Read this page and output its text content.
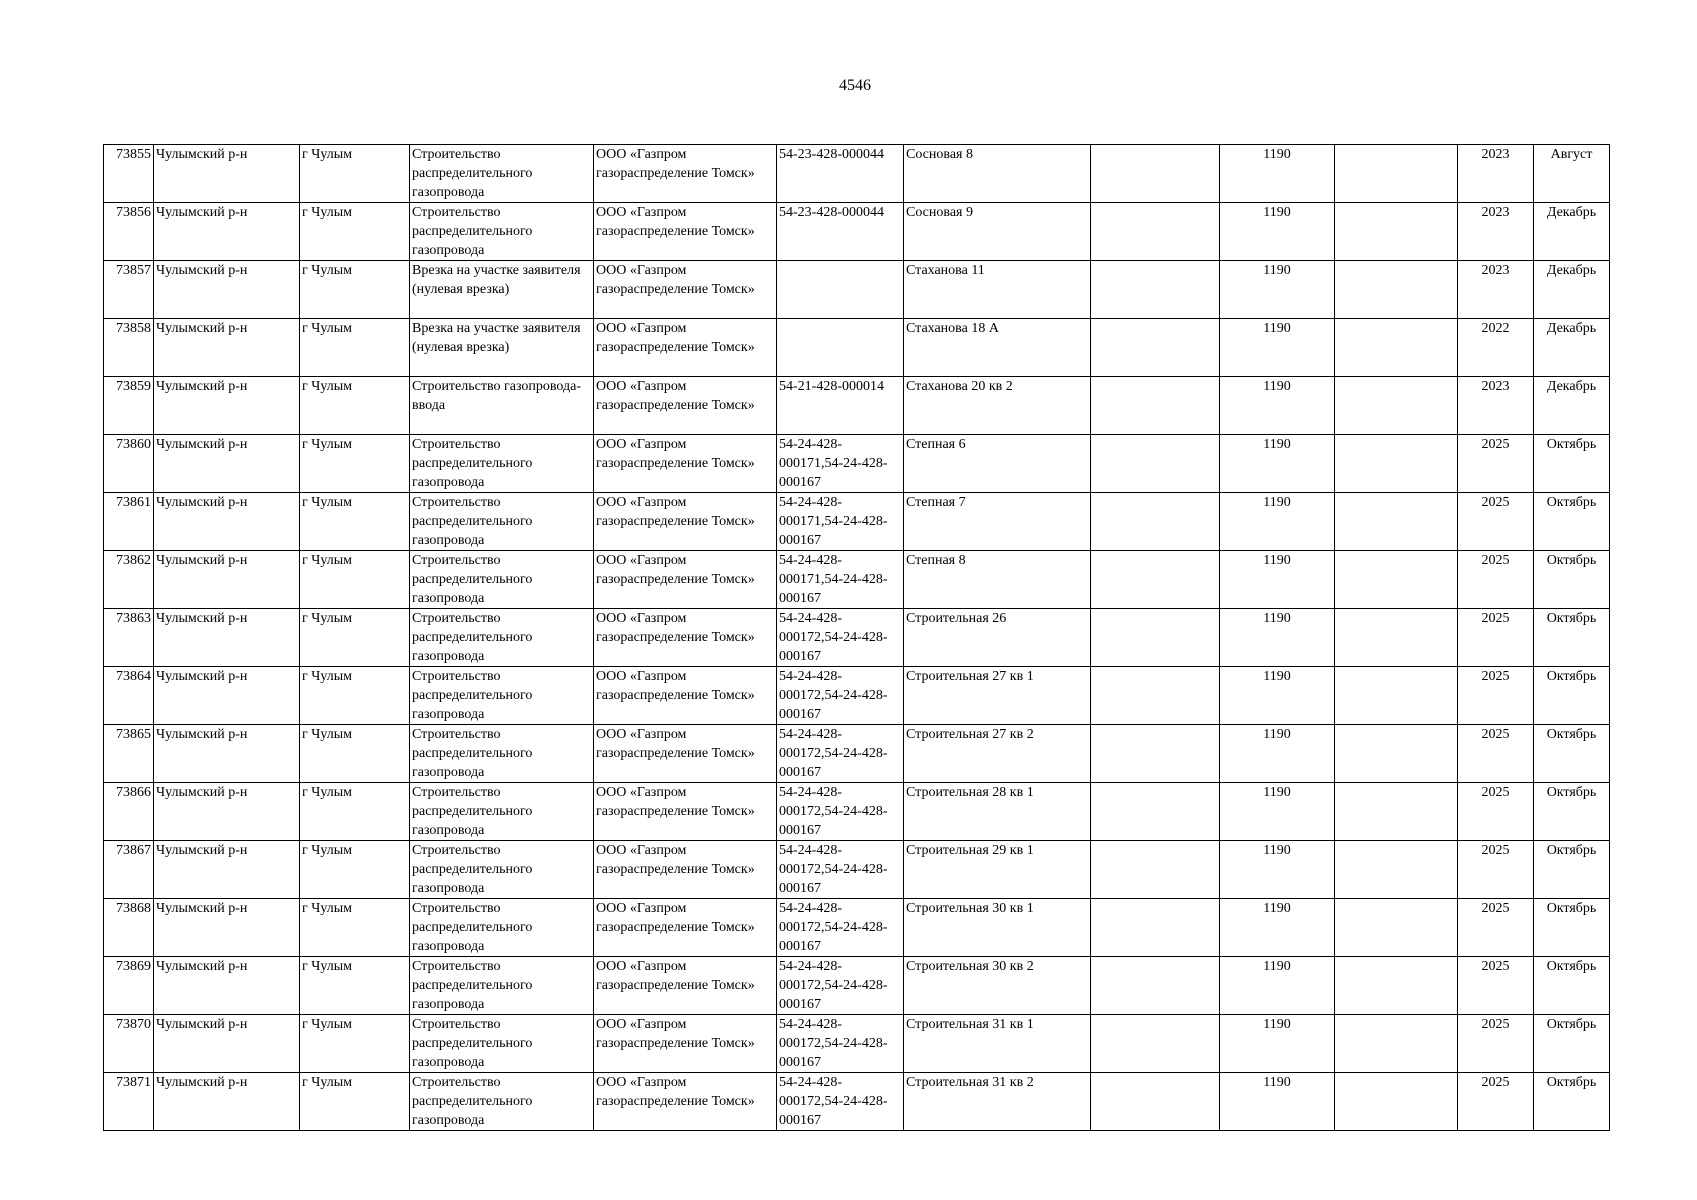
4546
73855	Чулымский р-н	г Чулым	Строительство распределительного газопровода	ООО «Газпром газораспределение Томск»	54-23-428-000044	Сосновая 8		1190		2023	Август
73856	Чулымский р-н	г Чулым	Строительство распределительного газопровода	ООО «Газпром газораспределение Томск»	54-23-428-000044	Сосновая 9		1190		2023	Декабрь
73857	Чулымский р-н	г Чулым	Врезка на участке заявителя (нулевая врезка)	ООО «Газпром газораспределение Томск»		Стаханова 11		1190		2023	Декабрь
73858	Чулымский р-н	г Чулым	Врезка на участке заявителя (нулевая врезка)	ООО «Газпром газораспределение Томск»		Стаханова 18 А		1190		2022	Декабрь
73859	Чулымский р-н	г Чулым	Строительство газопровода-ввода	ООО «Газпром газораспределение Томск»	54-21-428-000014	Стаханова 20 кв 2		1190		2023	Декабрь
73860	Чулымский р-н	г Чулым	Строительство распределительного газопровода	ООО «Газпром газораспределение Томск»	54-24-428-000171,54-24-428-000167	Степная 6		1190		2025	Октябрь
73861	Чулымский р-н	г Чулым	Строительство распределительного газопровода	ООО «Газпром газораспределение Томск»	54-24-428-000171,54-24-428-000167	Степная 7		1190		2025	Октябрь
73862	Чулымский р-н	г Чулым	Строительство распределительного газопровода	ООО «Газпром газораспределение Томск»	54-24-428-000171,54-24-428-000167	Степная 8		1190		2025	Октябрь
73863	Чулымский р-н	г Чулым	Строительство распределительного газопровода	ООО «Газпром газораспределение Томск»	54-24-428-000172,54-24-428-000167	Строительная 26		1190		2025	Октябрь
73864	Чулымский р-н	г Чулым	Строительство распределительного газопровода	ООО «Газпром газораспределение Томск»	54-24-428-000172,54-24-428-000167	Строительная 27 кв 1		1190		2025	Октябрь
73865	Чулымский р-н	г Чулым	Строительство распределительного газопровода	ООО «Газпром газораспределение Томск»	54-24-428-000172,54-24-428-000167	Строительная 27 кв 2		1190		2025	Октябрь
73866	Чулымский р-н	г Чулым	Строительство распределительного газопровода	ООО «Газпром газораспределение Томск»	54-24-428-000172,54-24-428-000167	Строительная 28 кв 1		1190		2025	Октябрь
73867	Чулымский р-н	г Чулым	Строительство распределительного газопровода	ООО «Газпром газораспределение Томск»	54-24-428-000172,54-24-428-000167	Строительная 29 кв 1		1190		2025	Октябрь
73868	Чулымский р-н	г Чулым	Строительство распределительного газопровода	ООО «Газпром газораспределение Томск»	54-24-428-000172,54-24-428-000167	Строительная 30 кв 1		1190		2025	Октябрь
73869	Чулымский р-н	г Чулым	Строительство распределительного газопровода	ООО «Газпром газораспределение Томск»	54-24-428-000172,54-24-428-000167	Строительная 30 кв 2		1190		2025	Октябрь
73870	Чулымский р-н	г Чулым	Строительство распределительного газопровода	ООО «Газпром газораспределение Томск»	54-24-428-000172,54-24-428-000167	Строительная 31 кв 1		1190		2025	Октябрь
73871	Чулымский р-н	г Чулым	Строительство распределительного газопровода	ООО «Газпром газораспределение Томск»	54-24-428-000172,54-24-428-000167	Строительная 31 кв 2		1190		2025	Октябрь
